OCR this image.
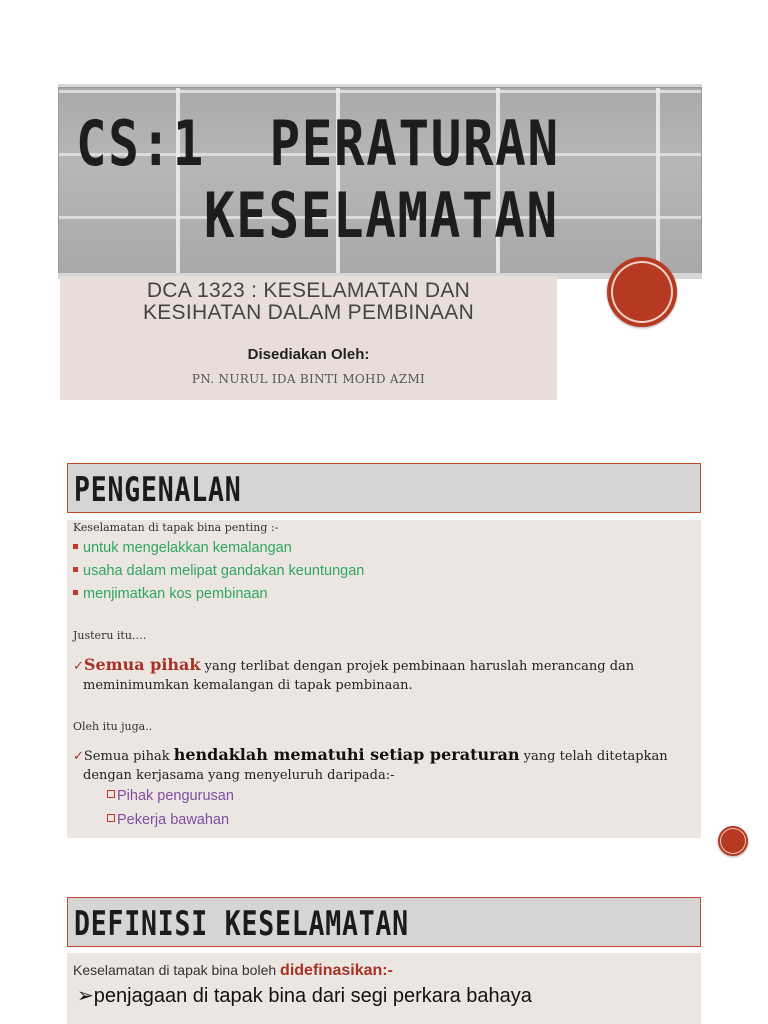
CS:1  PERATURAN
KESELAMATAN
DCA 1323 : KESELAMATAN DAN
KESIHATAN DALAM PEMBINAAN
Disediakan Oleh:
PN. NURUL IDA BINTI MOHD AZMI
PENGENALAN
Keselamatan di tapak bina penting :-
untuk mengelakkan kemalangan
usaha dalam melipat gandakan keuntungan
menjimatkan kos pembinaan
Justeru itu….
✓Semua pihak yang terlibat dengan projek pembinaan haruslah merancang dan
meminimumkan kemalangan di tapak pembinaan.
Oleh itu juga..
✓Semua pihak hendaklah mematuhi setiap peraturan yang telah ditetapkan
dengan kerjasama yang menyeluruh daripada:-
Pihak pengurusan
Pekerja bawahan
DEFINISI KESELAMATAN
Keselamatan di tapak bina boleh didefinasikan:-
➢penjagaan di tapak bina dari segi perkara bahaya
